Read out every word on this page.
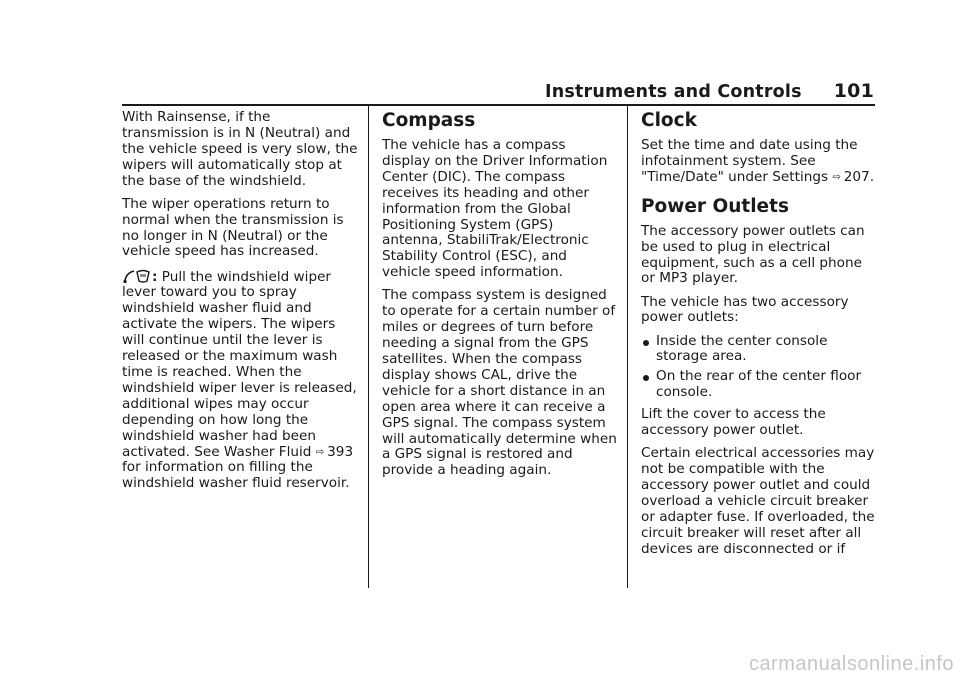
Instruments and Controls 101

With Rainsense, if the transmission is in N (Neutral) and the vehicle speed is very slow, the wipers will automatically stop at the base of the windshield.

The wiper operations return to normal when the transmission is no longer in N (Neutral) or the vehicle speed has increased.

: Pull the windshield wiper lever toward you to spray windshield washer fluid and activate the wipers. The wipers will continue until the lever is released or the maximum wash time is reached. When the windshield wiper lever is released, additional wipes may occur depending on how long the windshield washer had been activated. See Washer Fluid ⇨ 393 for information on filling the windshield washer fluid reservoir.

Compass

The vehicle has a compass display on the Driver Information Center (DIC). The compass receives its heading and other information from the Global Positioning System (GPS) antenna, StabiliTrak/Electronic Stability Control (ESC), and vehicle speed information.

The compass system is designed to operate for a certain number of miles or degrees of turn before needing a signal from the GPS satellites. When the compass display shows CAL, drive the vehicle for a short distance in an open area where it can receive a GPS signal. The compass system will automatically determine when a GPS signal is restored and provide a heading again.

Clock

Set the time and date using the infotainment system. See "Time/Date" under Settings ⇨ 207.

Power Outlets

The accessory power outlets can be used to plug in electrical equipment, such as a cell phone or MP3 player.

The vehicle has two accessory power outlets:

Inside the center console storage area.
On the rear of the center floor console.

Lift the cover to access the accessory power outlet.

Certain electrical accessories may not be compatible with the accessory power outlet and could overload a vehicle circuit breaker or adapter fuse. If overloaded, the circuit breaker will reset after all devices are disconnected or if

carmanualsonline.info
